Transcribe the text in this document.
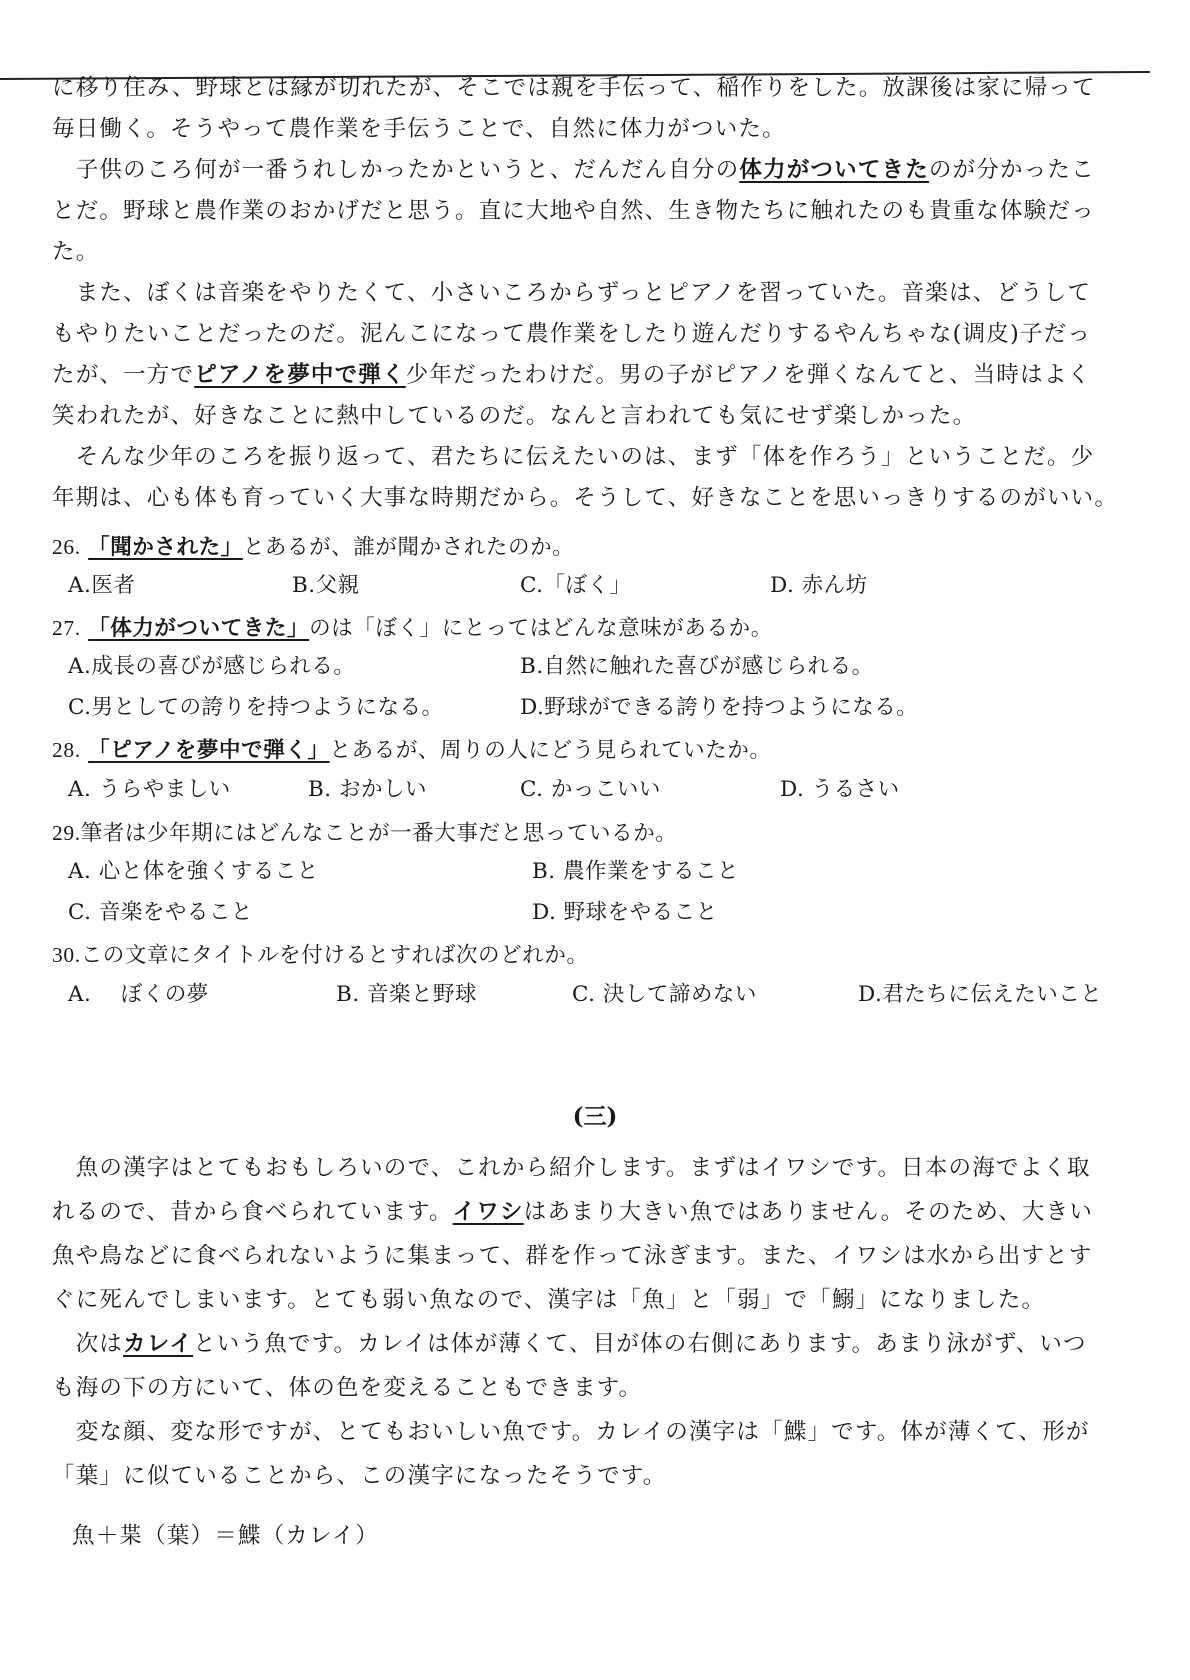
に移り住み、野球とは縁が切れたが、そこでは親を手伝って、稲作りをした。放課後は家に帰って
毎日働く。そうやって農作業を手伝うことで、自然に体力がついた。
　子供のころ何が一番うれしかったかというと、だんだん自分の体力がついてきたのが分かったこ
とだ。野球と農作業のおかげだと思う。直に大地や自然、生き物たちに触れたのも貴重な体験だっ
た。
　また、ぼくは音楽をやりたくて、小さいころからずっとピアノを習っていた。音楽は、どうして
もやりたいことだったのだ。泥んこになって農作業をしたり遊んだりするやんちゃな(调皮)子だっ
たが、一方でピアノを夢中で弾く少年だったわけだ。男の子がピアノを弾くなんてと、当時はよく
笑われたが、好きなことに熱中しているのだ。なんと言われても気にせず楽しかった。
　そんな少年のころを振り返って、君たちに伝えたいのは、まず「体を作ろう」ということだ。少
年期は、心も体も育っていく大事な時期だから。そうして、好きなことを思いっきりするのがいい。
26. 「聞かされた」とあるが、誰が聞かされたのか。
A.医者	B.父親	C.「ぼく」	D. 赤ん坊
27. 「体力がついてきた」のは「ぼく」にとってはどんな意味があるか。
A.成長の喜びが感じられる。	B.自然に触れた喜びが感じられる。
C.男としての誇りを持つようになる。	D.野球ができる誇りを持つようになる。
28. 「ピアノを夢中で弾く」とあるが、周りの人にどう見られていたか。
A. うらやましい	B. おかしい	C. かっこいい	D. うるさい
29.筆者は少年期にはどんなことが一番大事だと思っているか。
A. 心と体を強くすること	B. 農作業をすること
C. 音楽をやること	D. 野球をやること
30.この文章にタイトルを付けるとすれば次のどれか。
A.　 ぼくの夢	B. 音楽と野球	C. 決して諦めない	D.君たちに伝えたいこと
(三)
　魚の漢字はとてもおもしろいので、これから紹介します。まずはイワシです。日本の海でよく取
れるので、昔から食べられています。イワシはあまり大きい魚ではありません。そのため、大きい
魚や鳥などに食べられないように集まって、群を作って泳ぎます。また、イワシは水から出すとす
ぐに死んでしまいます。とても弱い魚なので、漢字は「魚」と「弱」で「鰯」になりました。
　次はカレイという魚です。カレイは体が薄くて、目が体の右側にあります。あまり泳がず、いつ
も海の下の方にいて、体の色を変えることもできます。
　変な顔、変な形ですが、とてもおいしい魚です。カレイの漢字は「鰈」です。体が薄くて、形が
「葉」に似ていることから、この漢字になったそうです。
魚＋枼（葉）＝鰈（カレイ）
